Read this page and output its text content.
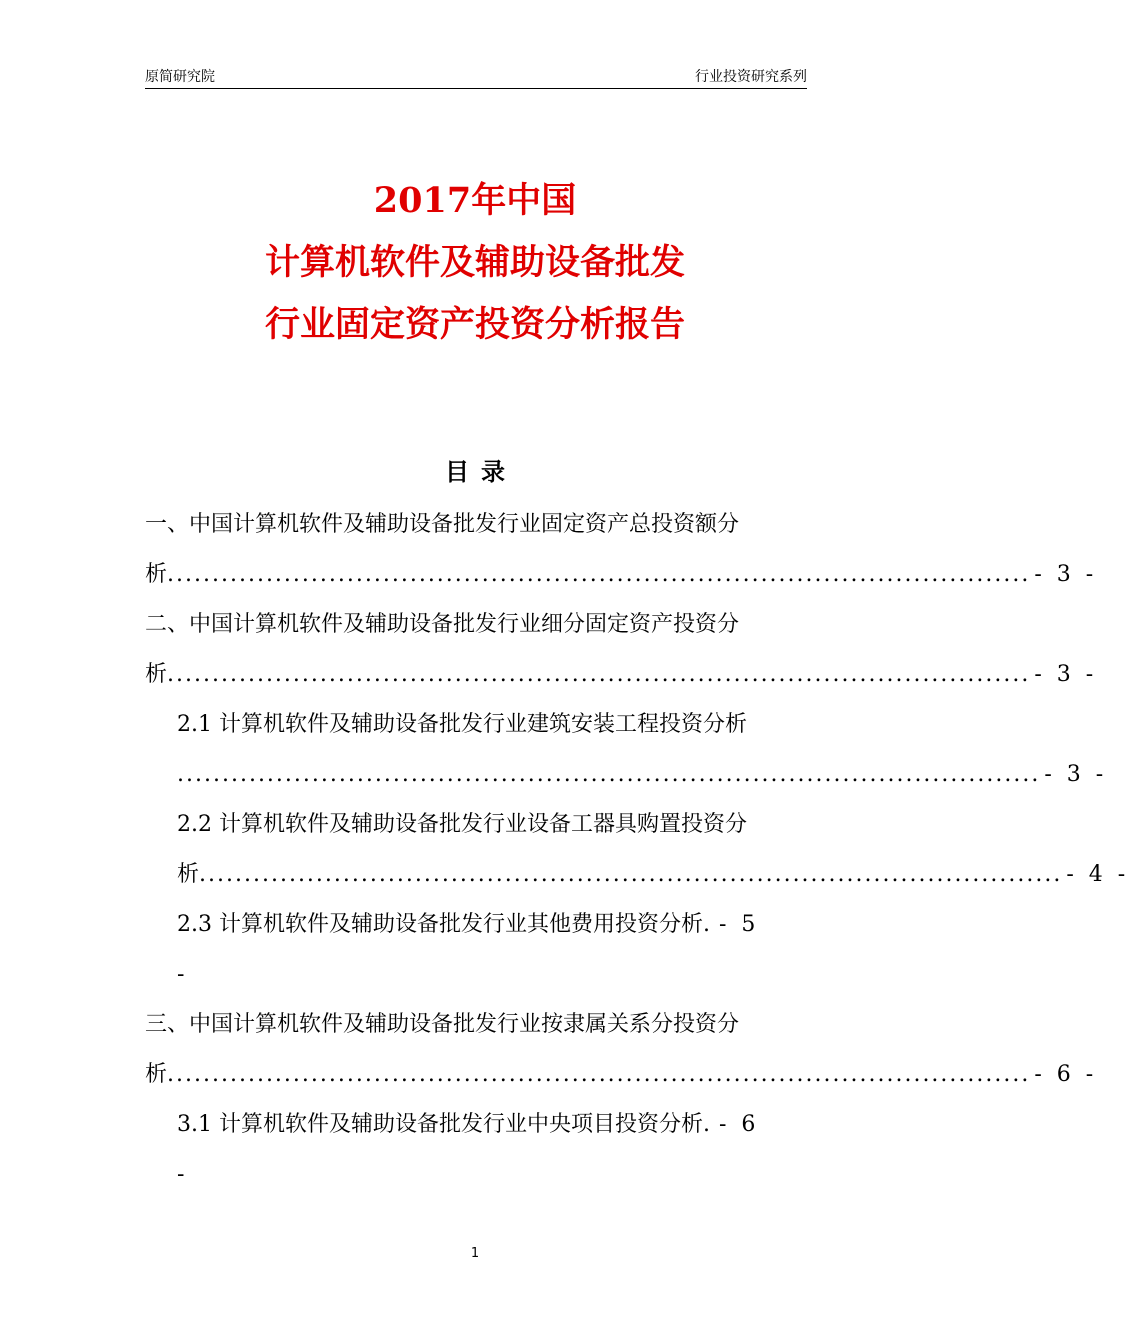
原简研究院	行业投资研究系列
2017年中国
计算机软件及辅助设备批发
行业固定资产投资分析报告
目录
一、中国计算机软件及辅助设备批发行业固定资产总投资额分
析 ................................................................................................ - 3 -
二、中国计算机软件及辅助设备批发行业细分固定资产投资分
析 ................................................................................................ - 3 -
2.1 计算机软件及辅助设备批发行业建筑安装工程投资分析
................................................................................................ - 3 -
2.2 计算机软件及辅助设备批发行业设备工器具购置投资分
析 ................................................................................................ - 4 -
2.3 计算机软件及辅助设备批发行业其他费用投资分析. - 5
-
三、中国计算机软件及辅助设备批发行业按隶属关系分投资分
析 ................................................................................................ - 6 -
3.1 计算机软件及辅助设备批发行业中央项目投资分析. - 6
-
1
